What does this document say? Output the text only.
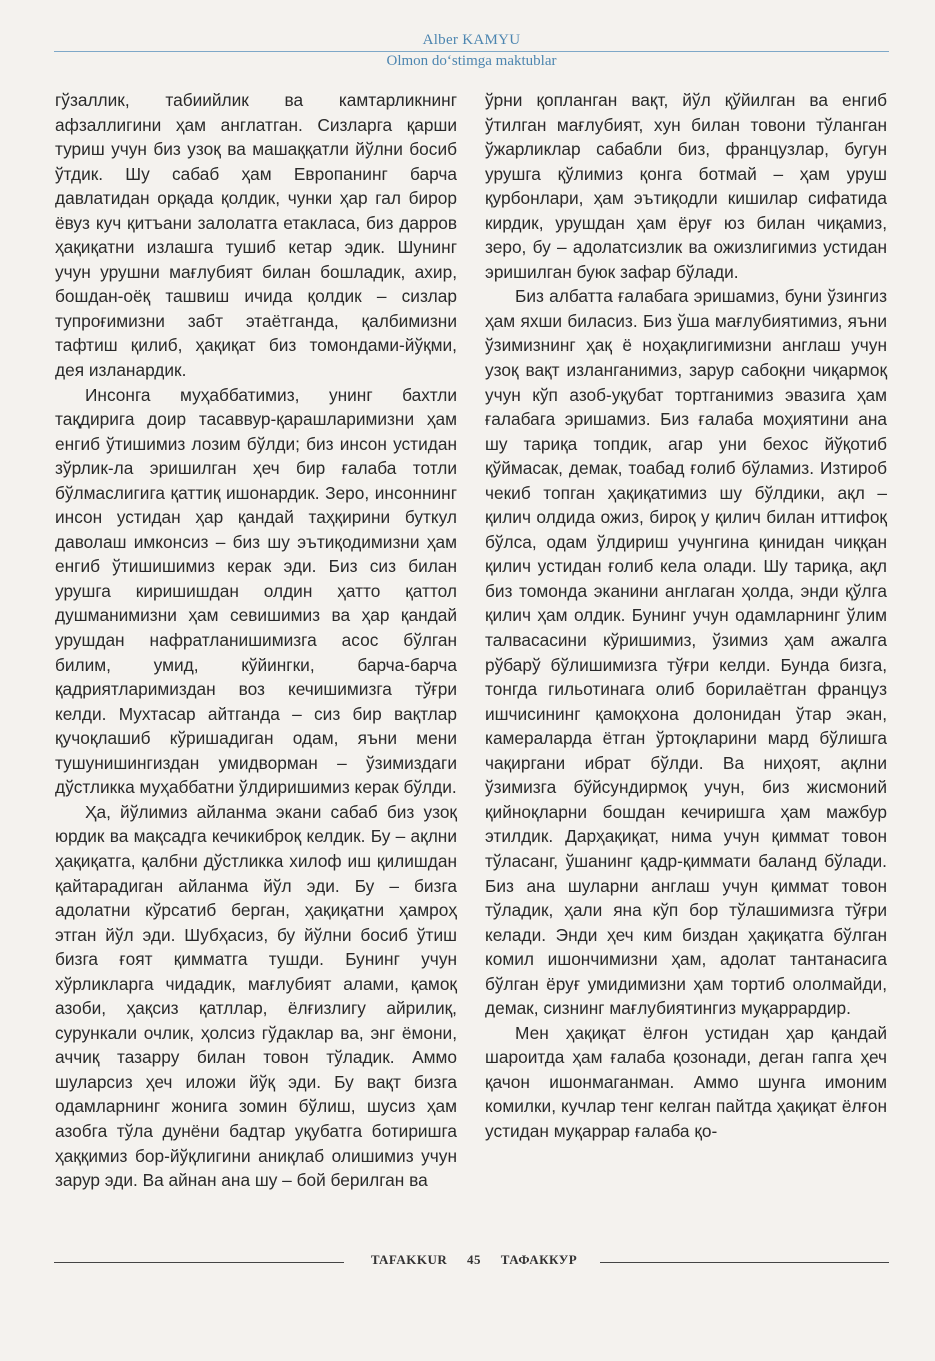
Alber KAMYU
Olmon do‘stimga maktublar

гўзаллик, табиийлик ва камтарликнинг афзаллигини ҳам англатган. Сизларга қарши туриш учун биз узоқ ва машаққатли йўлни босиб ўтдик. Шу сабаб ҳам Европанинг барча давлатидан орқада қолдик, чунки ҳар гал бирор ёвуз куч қитъани залолатга етакласа, биз дарров ҳақиқатни излашга тушиб кетар эдик. Шунинг учун урушни мағлубият билан бошладик, ахир, бошдан-оёқ ташвиш ичида қолдик – сизлар тупроғимизни забт этаётганда, қалбимизни тафтиш қилиб, ҳақиқат биз томондами-йўқми, дея изланардик.

Инсонга муҳаббатимиз, унинг бахтли тақдирига доир тасаввур-қарашларимизни ҳам енгиб ўтишимиз лозим бўлди; биз инсон устидан зўрлик-ла эришилган ҳеч бир ғалаба тотли бўлмаслигига қаттиқ ишонардик. Зеро, инсоннинг инсон устидан ҳар қандай таҳқирини буткул даволаш имконсиз – биз шу эътиқодимизни ҳам енгиб ўтишишимиз керак эди. Биз сиз билан урушга киришишдан олдин ҳатто қаттол душманимизни ҳам севишимиз ва ҳар қандай урушдан нафратланишимизга асос бўлган билим, умид, кўйингки, барча-барча қадриятларимиздан воз кечишимизга тўғри келди. Мухтасар айтганда – сиз бир вақтлар қучоқлашиб кўришадиган одам, яъни мени тушунишингиздан умидворман – ўзимиздаги дўстликка муҳаббатни ўлдиришимиз керак бўлди.

Ҳа, йўлимиз айланма экани сабаб биз узоқ юрдик ва мақсадга кечикиброқ келдик. Бу – ақлни ҳақиқатга, қалбни дўстликка хилоф иш қилишдан қайтарадиган айланма йўл эди. Бу – бизга адолатни кўрсатиб берган, ҳақиқатни ҳамроҳ этган йўл эди. Шубҳасиз, бу йўлни босиб ўтиш бизга ғоят қимматга тушди. Бунинг учун хўрликларга чидадик, мағлубият алами, қамоқ азоби, ҳақсиз қатллар, ёлғизлигу айрилиқ, сурункали очлик, ҳолсиз гўдаклар ва, энг ёмони, аччиқ тазарру билан товон тўладик. Аммо шуларсиз ҳеч иложи йўқ эди. Бу вақт бизга одамларнинг жонига зомин бўлиш, шусиз ҳам азобга тўла дунёни бадтар уқубатга ботиришга ҳаққимиз бор-йўқлигини аниқлаб олишимиз учун зарур эди. Ва айнан ана шу – бой берилган ва

ўрни қопланган вақт, йўл қўйилган ва енгиб ўтилган мағлубият, хун билан товони тўланган ўжарликлар сабабли биз, французлар, бугун урушга қўлимиз қонга ботмай – ҳам уруш қурбонлари, ҳам эътиқодли кишилар сифатида кирдик, урушдан ҳам ёруғ юз билан чиқамиз, зеро, бу – адолатсизлик ва ожизлигимиз устидан эришилган буюк зафар бўлади.

Биз албатта ғалабага эришамиз, буни ўзингиз ҳам яхши биласиз. Биз ўша мағлубиятимиз, яъни ўзимизнинг ҳақ ё ноҳақлигимизни англаш учун узоқ вақт изланганимиз, зарур сабоқни чиқармоқ учун кўп азоб-уқубат тортганимиз эвазига ҳам ғалабага эришамиз. Биз ғалаба моҳиятини ана шу тариқа топдик, агар уни бехос йўқотиб қўймасак, демак, тоабад ғолиб бўламиз. Изтироб чекиб топган ҳақиқатимиз шу бўлдики, ақл – қилич олдида ожиз, бироқ у қилич билан иттифоқ бўлса, одам ўлдириш учунгина қинидан чиққан қилич устидан ғолиб кела олади. Шу тариқа, ақл биз томонда эканини англаган ҳолда, энди қўлга қилич ҳам олдик. Бунинг учун одамларнинг ўлим талвасасини кўришимиз, ўзимиз ҳам ажалга рўбарў бўлишимизга тўғри келди. Бунда бизга, тонгда гильотинага олиб борилаётган француз ишчисининг қамоқхона долонидан ўтар экан, камераларда ётган ўртоқларини мард бўлишга чақиргани ибрат бўлди. Ва ниҳоят, ақлни ўзимизга бўйсундирмоқ учун, биз жисмоний қийноқларни бошдан кечиришга ҳам мажбур этилдик. Дарҳақиқат, нима учун қиммат товон тўласанг, ўшанинг қадр-қиммати баланд бўлади. Биз ана шуларни англаш учун қиммат товон тўладик, ҳали яна кўп бор тўлашимизга тўғри келади. Энди ҳеч ким биздан ҳақиқатга бўлган комил ишончимизни ҳам, адолат тантанасига бўлган ёруғ умидимизни ҳам тортиб ололмайди, демак, сизнинг мағлубиятингиз муқаррардир.

Мен ҳақиқат ёлғон устидан ҳар қандай шароитда ҳам ғалаба қозонади, деган гапга ҳеч қачон ишонмаганман. Аммо шунга имоним комилки, кучлар тенг келган пайтда ҳақиқат ёлғон устидан муқаррар ғалаба қо-

TAFAKKUR 45 ТАФАККУР
